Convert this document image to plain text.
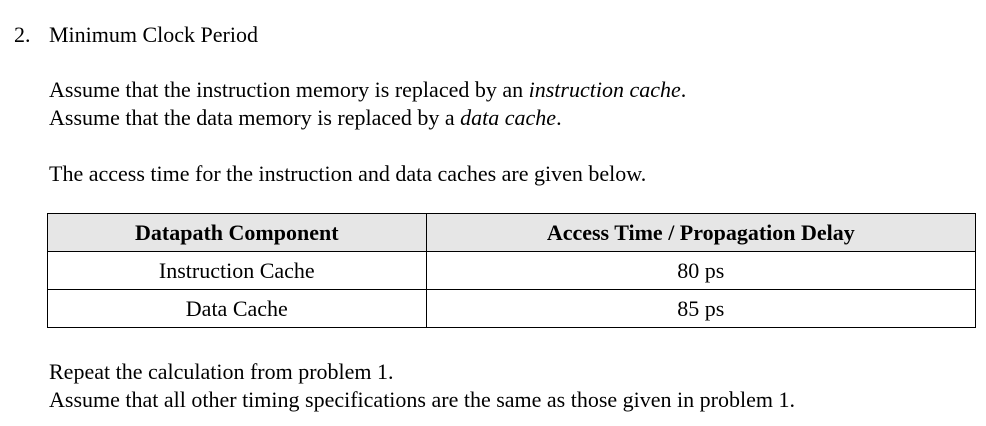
2. Minimum Clock Period
Assume that the instruction memory is replaced by an instruction cache.
Assume that the data memory is replaced by a data cache.
The access time for the instruction and data caches are given below.
Datapath Component	Access Time / Propagation Delay
Instruction Cache	80 ps
Data Cache	85 ps
Repeat the calculation from problem 1.
Assume that all other timing specifications are the same as those given in problem 1.
